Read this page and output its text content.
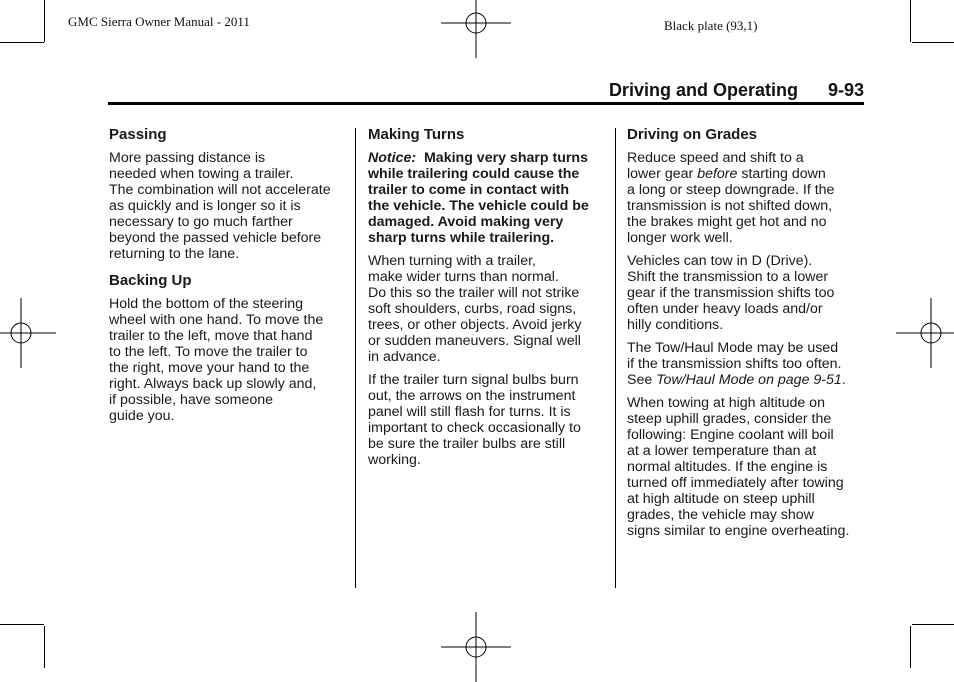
GMC Sierra Owner Manual - 2011	Black plate (93,1)
Driving and Operating 9-93
Passing

More passing distance is
needed when towing a trailer.
The combination will not accelerate
as quickly and is longer so it is
necessary to go much farther
beyond the passed vehicle before
returning to the lane.

Backing Up

Hold the bottom of the steering
wheel with one hand. To move the
trailer to the left, move that hand
to the left. To move the trailer to
the right, move your hand to the
right. Always back up slowly and,
if possible, have someone
guide you.

Making Turns

Notice: Making very sharp turns
while trailering could cause the
trailer to come in contact with
the vehicle. The vehicle could be
damaged. Avoid making very
sharp turns while trailering.

When turning with a trailer,
make wider turns than normal.
Do this so the trailer will not strike
soft shoulders, curbs, road signs,
trees, or other objects. Avoid jerky
or sudden maneuvers. Signal well
in advance.

If the trailer turn signal bulbs burn
out, the arrows on the instrument
panel will still flash for turns. It is
important to check occasionally to
be sure the trailer bulbs are still
working.

Driving on Grades

Reduce speed and shift to a
lower gear before starting down
a long or steep downgrade. If the
transmission is not shifted down,
the brakes might get hot and no
longer work well.

Vehicles can tow in D (Drive).
Shift the transmission to a lower
gear if the transmission shifts too
often under heavy loads and/or
hilly conditions.

The Tow/Haul Mode may be used
if the transmission shifts too often.
See Tow/Haul Mode on page 9-51.

When towing at high altitude on
steep uphill grades, consider the
following: Engine coolant will boil
at a lower temperature than at
normal altitudes. If the engine is
turned off immediately after towing
at high altitude on steep uphill
grades, the vehicle may show
signs similar to engine overheating.
